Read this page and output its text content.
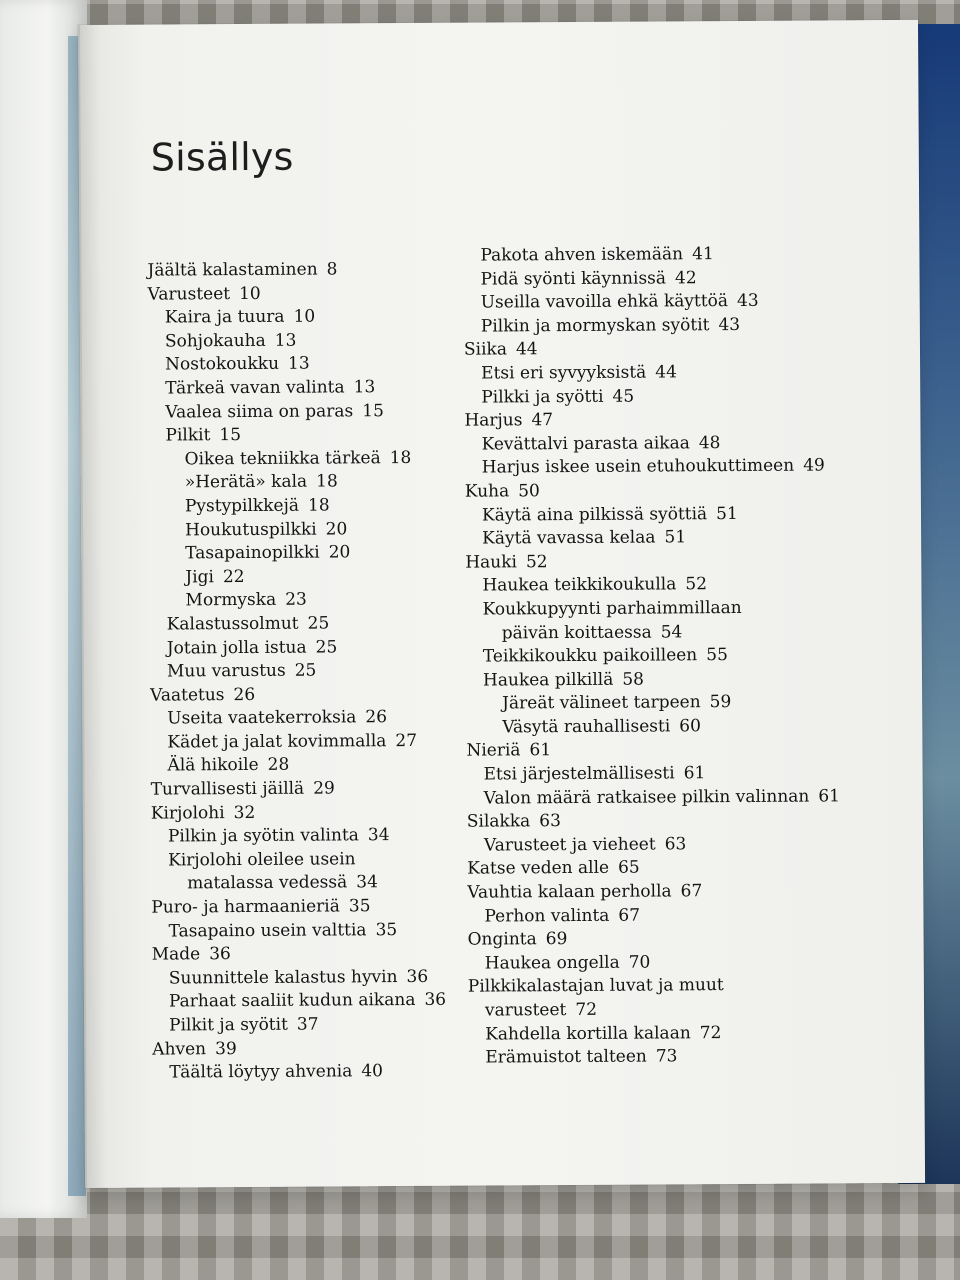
Sisällys
Jäältä kalastaminen 8
Varusteet 10
Kaira ja tuura 10
Sohjokauha 13
Nostokoukku 13
Tärkeä vavan valinta 13
Vaalea siima on paras 15
Pilkit 15
Oikea tekniikka tärkeä 18
»Herätä» kala 18
Pystypilkkejä 18
Houkutuspilkki 20
Tasapainopilkki 20
Jigi 22
Mormyska 23
Kalastussolmut 25
Jotain jolla istua 25
Muu varustus 25
Vaatetus 26
Useita vaatekerroksia 26
Kädet ja jalat kovimmalla 27
Älä hikoile 28
Turvallisesti jäillä 29
Kirjolohi 32
Pilkin ja syötin valinta 34
Kirjolohi oleilee usein
matalassa vedessä 34
Puro- ja harmaanieriä 35
Tasapaino usein valttia 35
Made 36
Suunnittele kalastus hyvin 36
Parhaat saaliit kudun aikana 36
Pilkit ja syötit 37
Ahven 39
Täältä löytyy ahvenia 40
Pakota ahven iskemään 41
Pidä syönti käynnissä 42
Useilla vavoilla ehkä käyttöä 43
Pilkin ja mormyskan syötit 43
Siika 44
Etsi eri syvyyksistä 44
Pilkki ja syötti 45
Harjus 47
Kevättalvi parasta aikaa 48
Harjus iskee usein etuhoukuttimeen 49
Kuha 50
Käytä aina pilkissä syöttiä 51
Käytä vavassa kelaa 51
Hauki 52
Haukea teikkikoukulla 52
Koukkupyynti parhaimmillaan
päivän koittaessa 54
Teikkikoukku paikoilleen 55
Haukea pilkillä 58
Järeät välineet tarpeen 59
Väsytä rauhallisesti 60
Nieriä 61
Etsi järjestelmällisesti 61
Valon määrä ratkaisee pilkin valinnan 61
Silakka 63
Varusteet ja vieheet 63
Katse veden alle 65
Vauhtia kalaan perholla 67
Perhon valinta 67
Onginta 69
Haukea ongella 70
Pilkkikalastajan luvat ja muut
varusteet 72
Kahdella kortilla kalaan 72
Erämuistot talteen 73
